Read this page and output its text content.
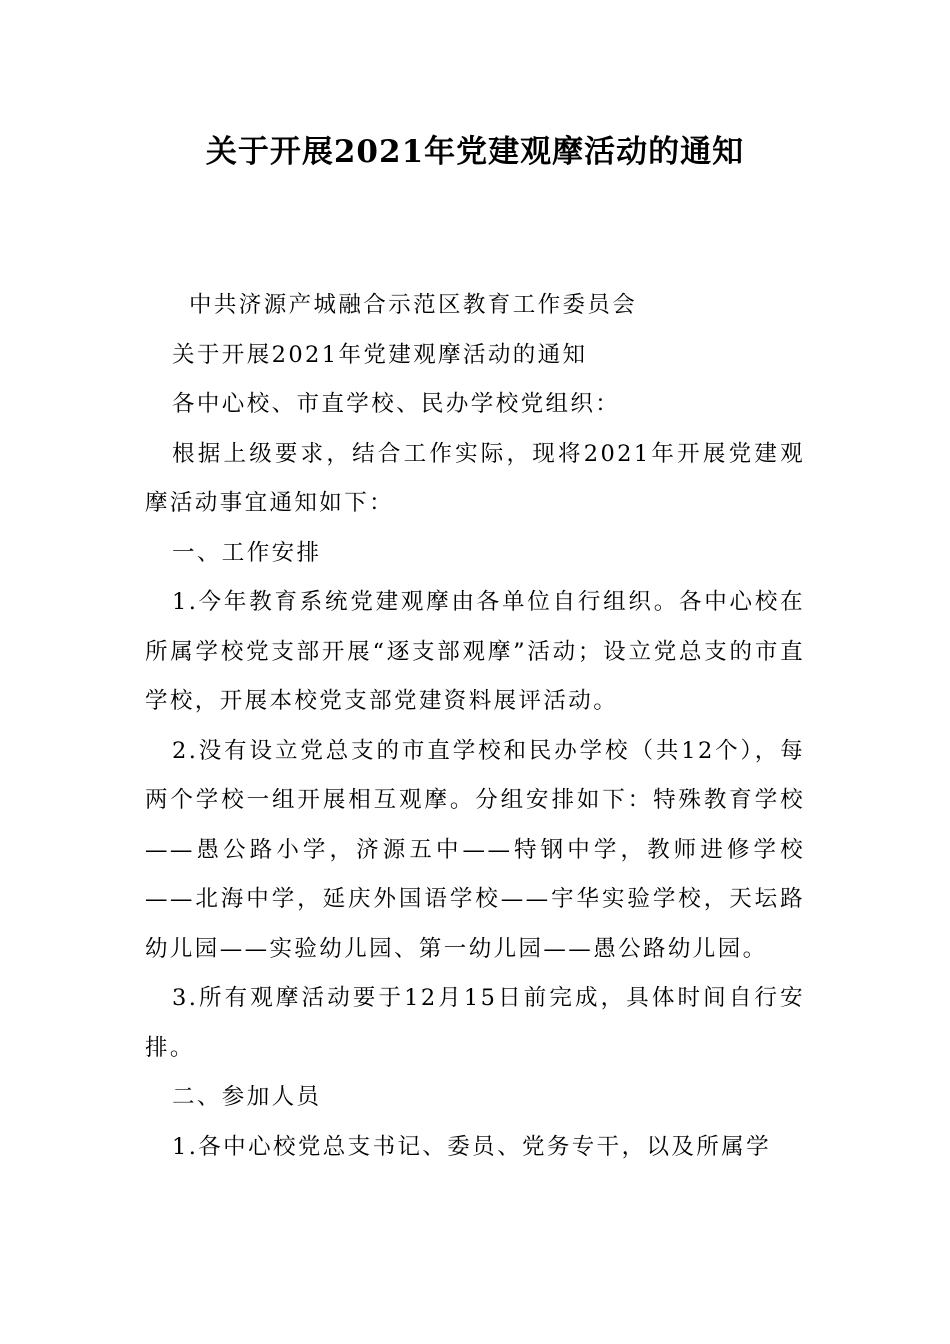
关于开展2021年党建观摩活动的通知

中共济源产城融合示范区教育工作委员会

关于开展2021年党建观摩活动的通知

各中心校、市直学校、民办学校党组织：

根据上级要求，结合工作实际，现将2021年开展党建观摩活动事宜通知如下：

一、工作安排

1.今年教育系统党建观摩由各单位自行组织。各中心校在所属学校党支部开展“逐支部观摩”活动；设立党总支的市直学校，开展本校党支部党建资料展评活动。

2.没有设立党总支的市直学校和民办学校（共12个），每两个学校一组开展相互观摩。分组安排如下：特殊教育学校——愚公路小学，济源五中——特钢中学，教师进修学校——北海中学，延庆外国语学校——宇华实验学校，天坛路幼儿园——实验幼儿园、第一幼儿园——愚公路幼儿园。

3.所有观摩活动要于12月15日前完成，具体时间自行安排。

二、参加人员

1.各中心校党总支书记、委员、党务专干，以及所属学
